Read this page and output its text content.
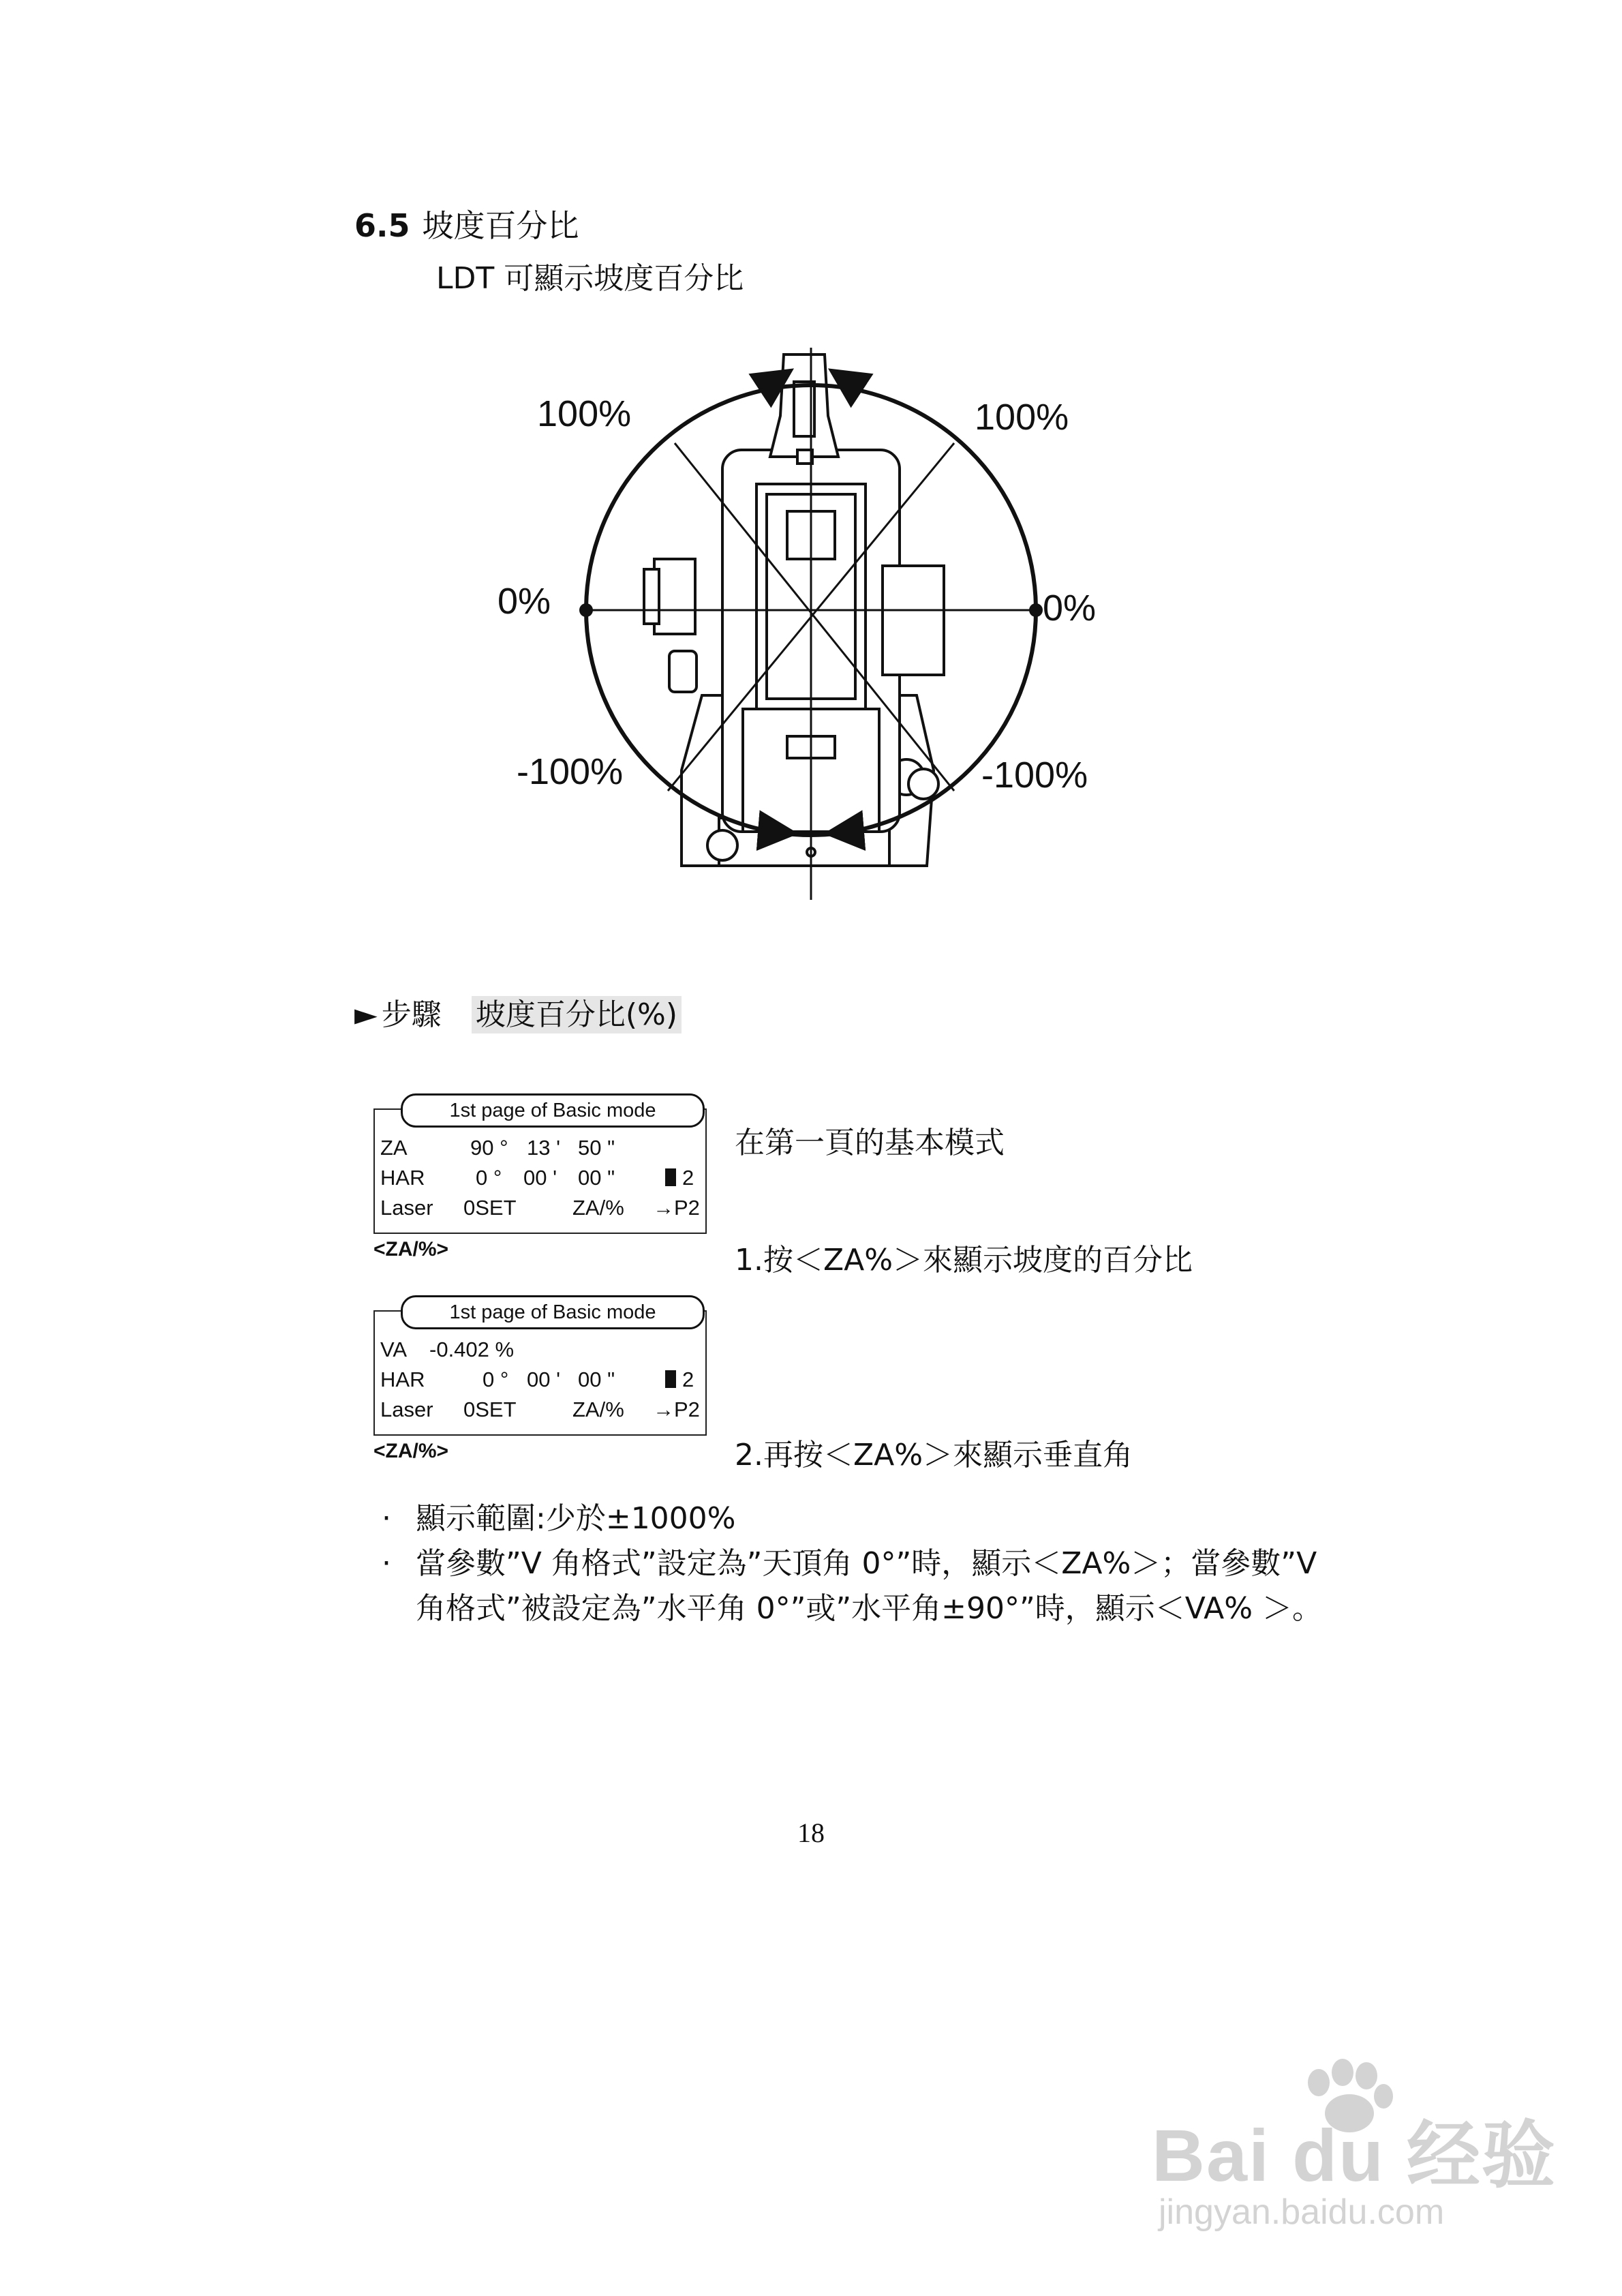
6.5 坡度百分比
LDT 可顯示坡度百分比
100%	100%
0%	0%
-100%	-100%
► 步驟 坡度百分比(%)
1st page of Basic mode
ZA	90 ° 13 ' 50 "
HAR 0 ° 00 ' 00 "	2
Laser 0SET	ZA/% →P2
<ZA/%>
1st page of Basic mode
VA -0.402 %
HAR	0 ° 00 ' 00 "	2
Laser 0SET	ZA/% →P2
<ZA/%>
在第一頁的基本模式
1.按＜ZA%＞來顯示坡度的百分比
2.再按＜ZA%＞來顯示垂直角
· 顯示範圍:少於±1000%
· 當參數”V 角格式”設定為”天頂角 0°”時，顯示＜ZA%＞；當參數”V 角格式”被設定為”水平角 0°”或”水平角±90°”時，顯示＜VA% ＞。
18
Bai du 经验
jingyan.baidu.com
